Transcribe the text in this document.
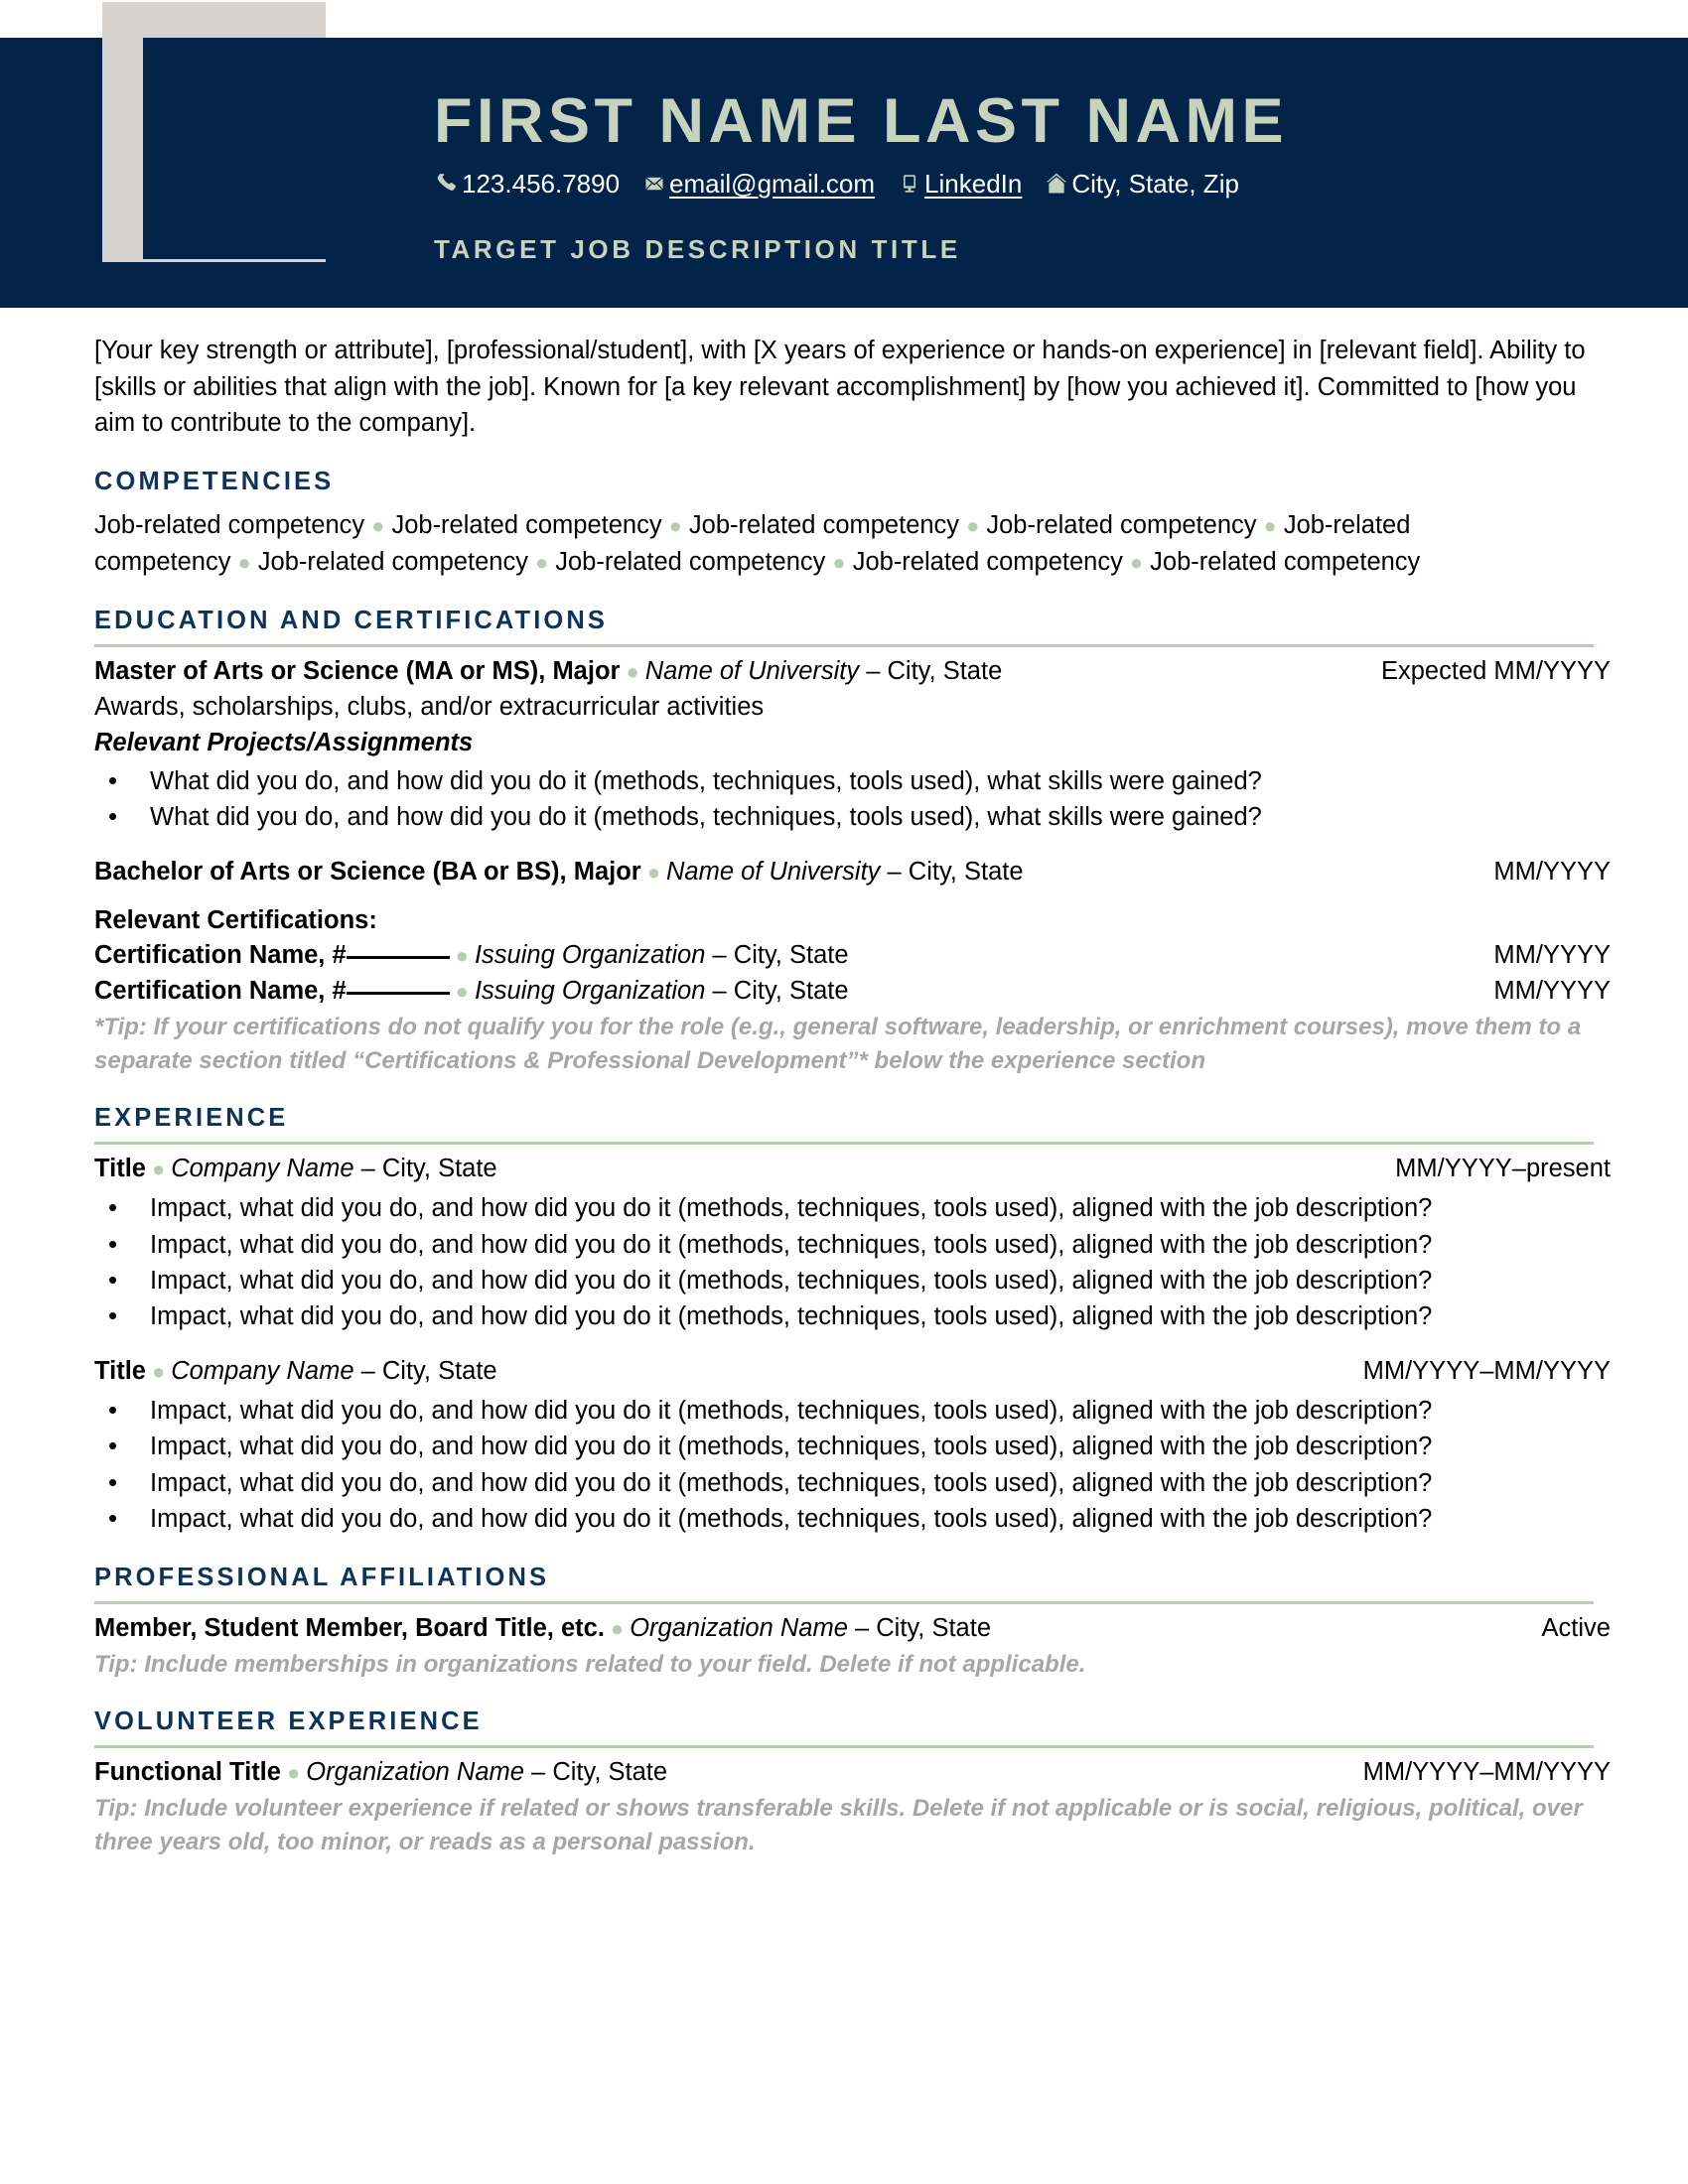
FIRST NAME LAST NAME
123.456.7890 email@gmail.com LinkedIn City, State, Zip
TARGET JOB DESCRIPTION TITLE

[Your key strength or attribute], [professional/student], with [X years of experience or hands-on experience] in [relevant field]. Ability to [skills or abilities that align with the job]. Known for [a key relevant accomplishment] by [how you achieved it]. Committed to [how you aim to contribute to the company].

COMPETENCIES
Job-related competency ● Job-related competency ● Job-related competency ● Job-related competency ● Job-related competency ● Job-related competency ● Job-related competency ● Job-related competency ● Job-related competency
EDUCATION AND CERTIFICATIONS
Master of Arts or Science (MA or MS), Major ● Name of University – City, State	Expected MM/YYYY
Awards, scholarships, clubs, and/or extracurricular activities
Relevant Projects/Assignments
• What did you do, and how did you do it (methods, techniques, tools used), what skills were gained?
• What did you do, and how did you do it (methods, techniques, tools used), what skills were gained?
Bachelor of Arts or Science (BA or BS), Major ● Name of University – City, State	MM/YYYY
Relevant Certifications:
Certification Name, #	● Issuing Organization – City, State	MM/YYYY
Certification Name, #	● Issuing Organization – City, State	MM/YYYY
*Tip: If your certifications do not qualify you for the role (e.g., general software, leadership, or enrichment courses), move them to a separate section titled “Certifications & Professional Development”* below the experience section
EXPERIENCE
Title ● Company Name – City, State	MM/YYYY–present
• Impact, what did you do, and how did you do it (methods, techniques, tools used), aligned with the job description?
• Impact, what did you do, and how did you do it (methods, techniques, tools used), aligned with the job description?
• Impact, what did you do, and how did you do it (methods, techniques, tools used), aligned with the job description?
• Impact, what did you do, and how did you do it (methods, techniques, tools used), aligned with the job description?
Title ● Company Name – City, State	MM/YYYY–MM/YYYY
• Impact, what did you do, and how did you do it (methods, techniques, tools used), aligned with the job description?
• Impact, what did you do, and how did you do it (methods, techniques, tools used), aligned with the job description?
• Impact, what did you do, and how did you do it (methods, techniques, tools used), aligned with the job description?
• Impact, what did you do, and how did you do it (methods, techniques, tools used), aligned with the job description?
PROFESSIONAL AFFILIATIONS
Member, Student Member, Board Title, etc. ● Organization Name – City, State	Active
Tip: Include memberships in organizations related to your field. Delete if not applicable.
VOLUNTEER EXPERIENCE
Functional Title ● Organization Name – City, State	MM/YYYY–MM/YYYY
Tip: Include volunteer experience if related or shows transferable skills. Delete if not applicable or is social, religious, political, over three years old, too minor, or reads as a personal passion.
